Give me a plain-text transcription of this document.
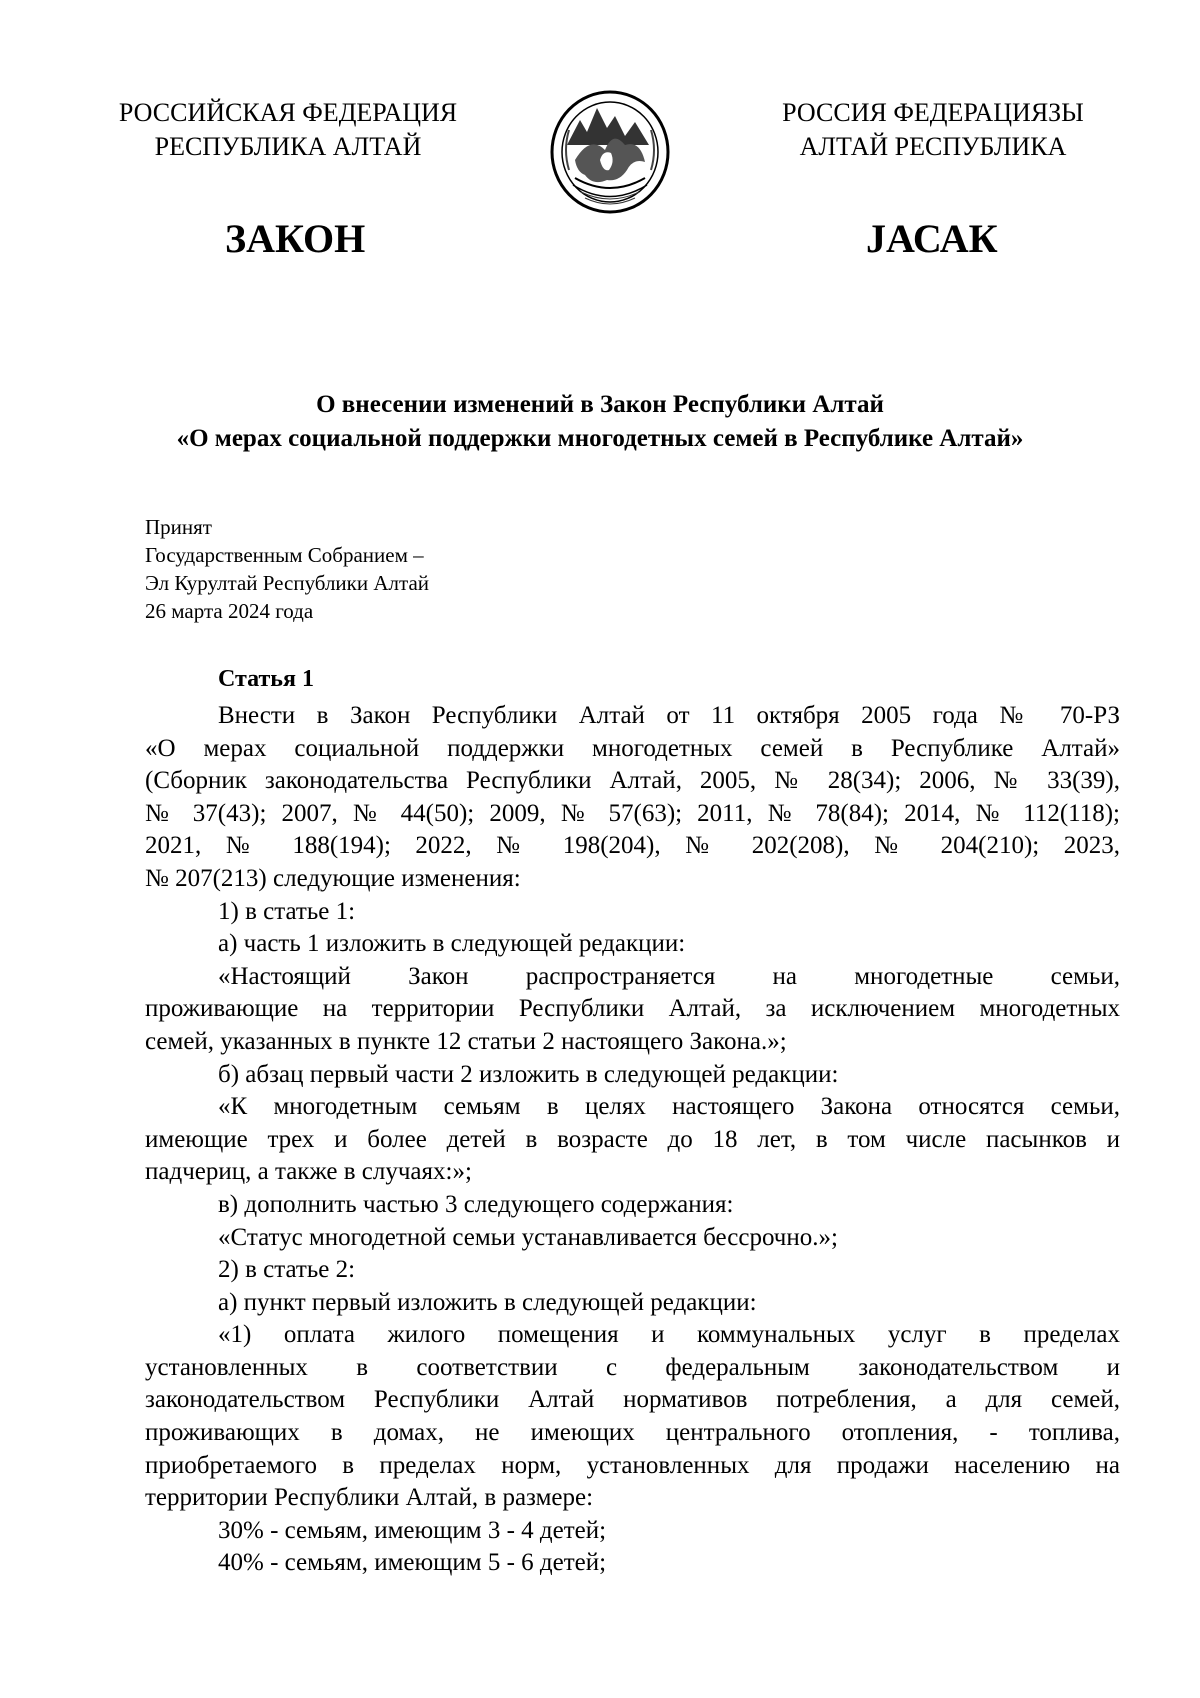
РОССИЙСКАЯ ФЕДЕРАЦИЯ
РЕСПУБЛИКА АЛТАЙ
РОССИЯ ФЕДЕРАЦИЯЗЫ
АЛТАЙ РЕСПУБЛИКА
ЗАКОН	JАСАК
О внесении изменений в Закон Республики Алтай
«О мерах социальной поддержки многодетных семей в Республике Алтай»
Принят
Государственным Собранием –
Эл Курултай Республики Алтай
26 марта 2024 года
Статья 1
Внести в Закон Республики Алтай от 11 октября 2005 года № 70-РЗ
«О мерах социальной поддержки многодетных семей в Республике Алтай»
(Сборник законодательства Республики Алтай, 2005, № 28(34); 2006, № 33(39),
№ 37(43); 2007, № 44(50); 2009, № 57(63); 2011, № 78(84); 2014, № 112(118);
2021, № 188(194); 2022, № 198(204), № 202(208), № 204(210); 2023,
№ 207(213) следующие изменения:
1) в статье 1:
а) часть 1 изложить в следующей редакции:
«Настоящий Закон распространяется на многодетные семьи,
проживающие на территории Республики Алтай, за исключением многодетных
семей, указанных в пункте 12 статьи 2 настоящего Закона.»;
б) абзац первый части 2 изложить в следующей редакции:
«К многодетным семьям в целях настоящего Закона относятся семьи,
имеющие трех и более детей в возрасте до 18 лет, в том числе пасынков и
падчериц, а также в случаях:»;
в) дополнить частью 3 следующего содержания:
«Статус многодетной семьи устанавливается бессрочно.»;
2) в статье 2:
а) пункт первый изложить в следующей редакции:
«1) оплата жилого помещения и коммунальных услуг в пределах
установленных в соответствии с федеральным законодательством и
законодательством Республики Алтай нормативов потребления, а для семей,
проживающих в домах, не имеющих центрального отопления, - топлива,
приобретаемого в пределах норм, установленных для продажи населению на
территории Республики Алтай, в размере:
30% - семьям, имеющим 3 - 4 детей;
40% - семьям, имеющим 5 - 6 детей;
